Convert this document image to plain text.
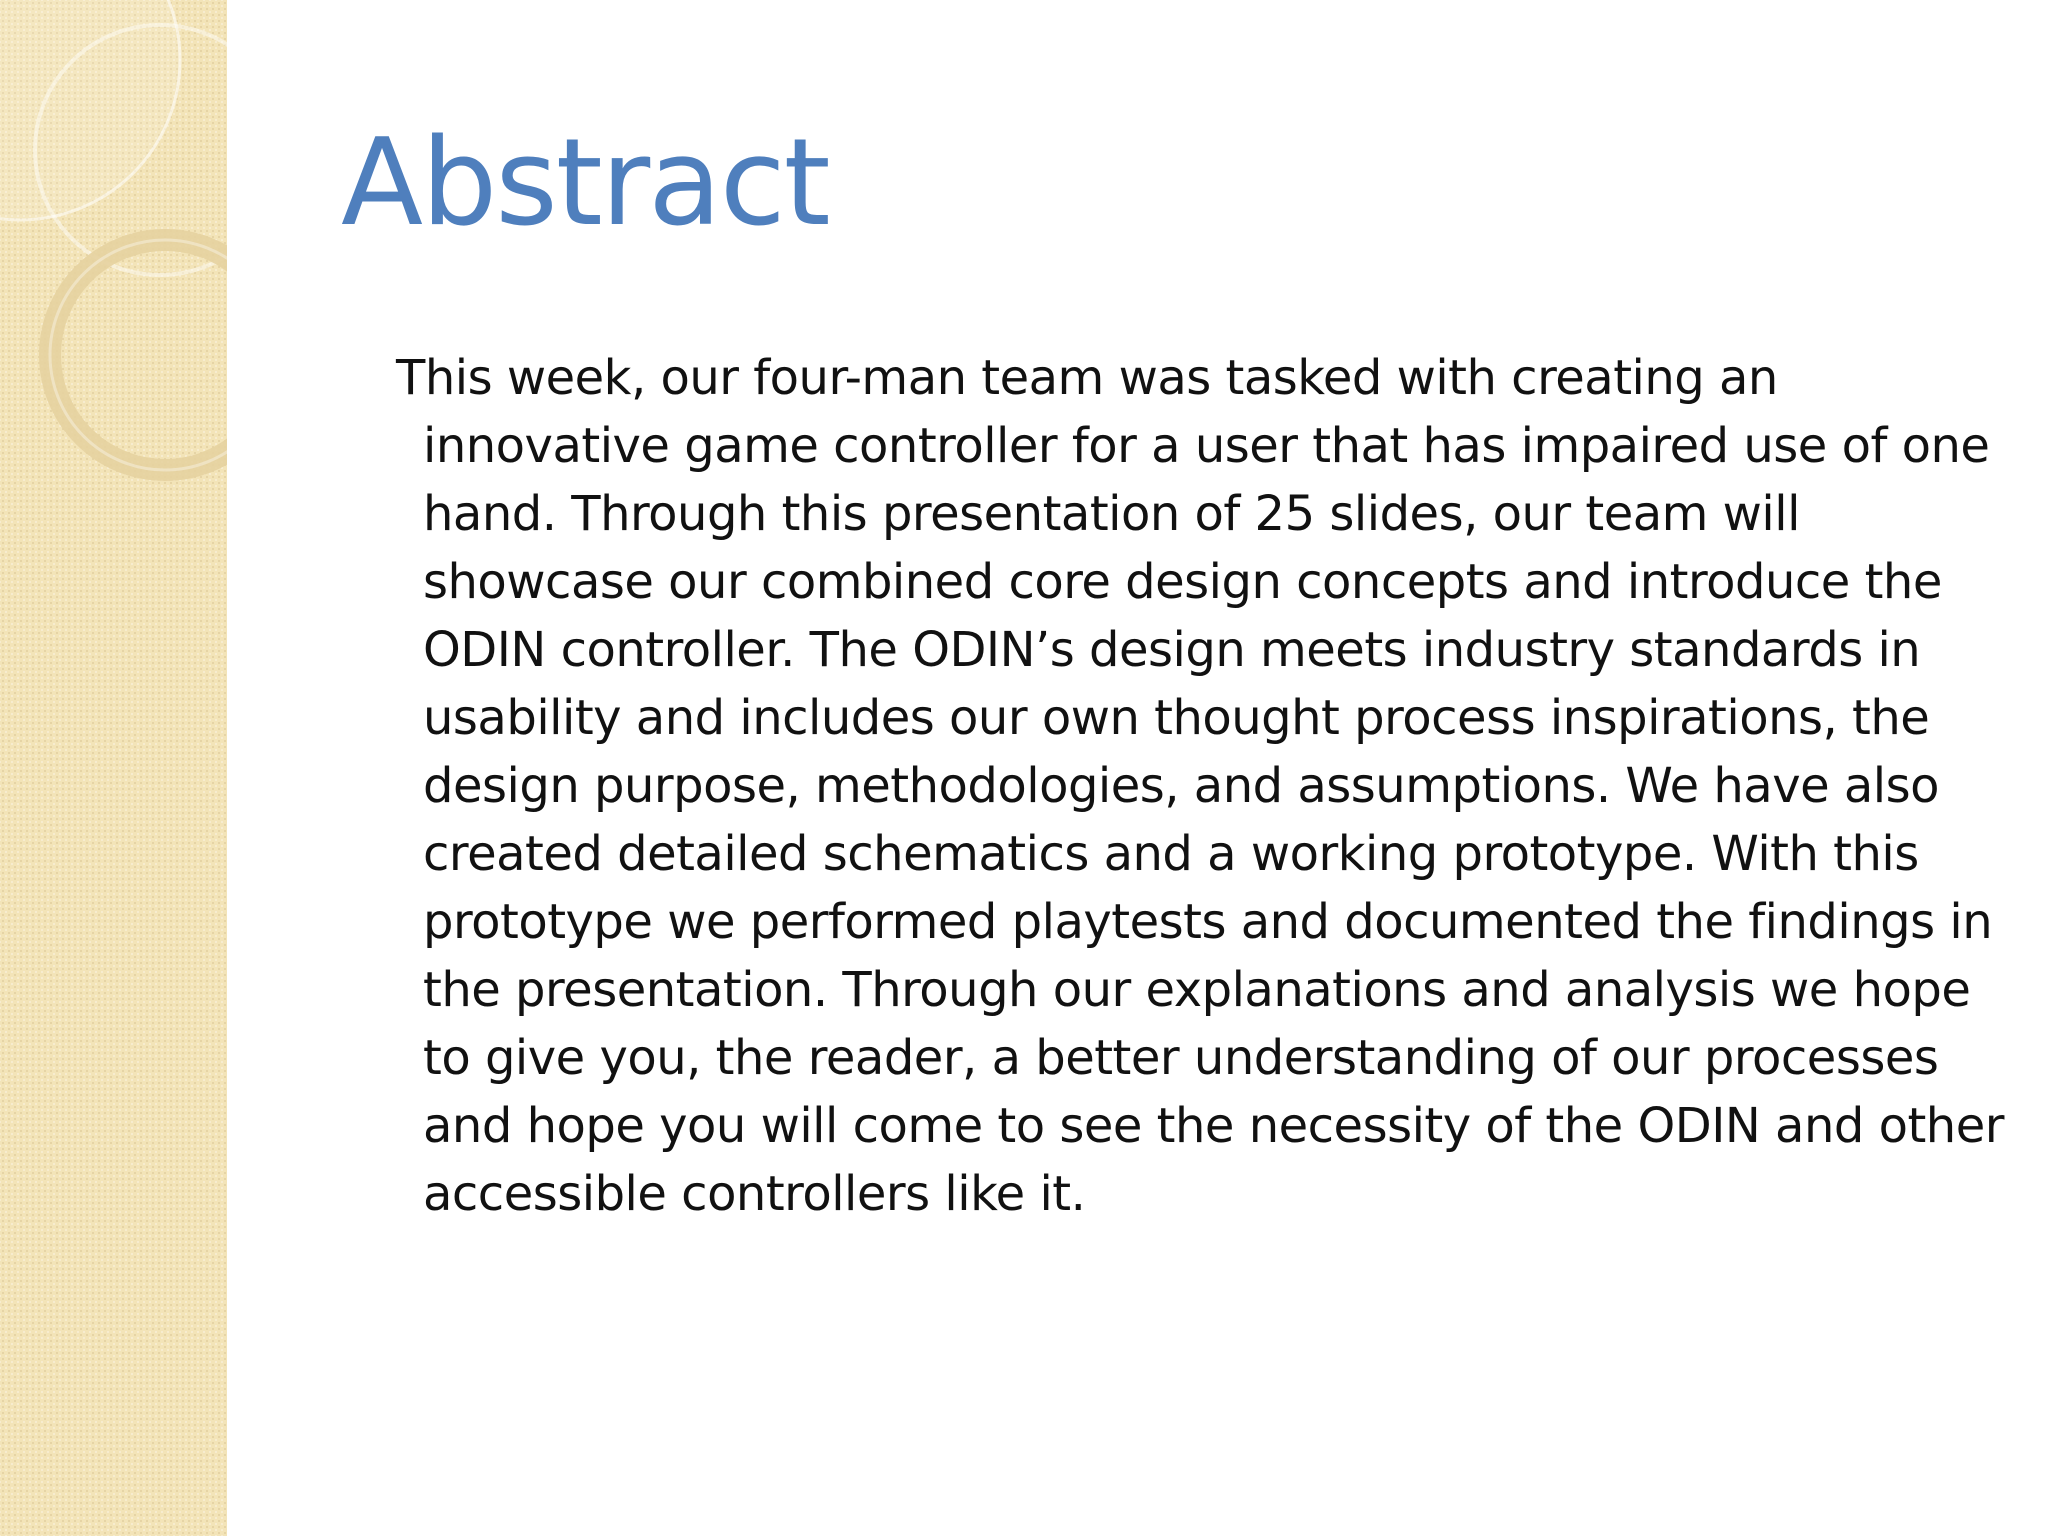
Abstract

This week, our four-man team was tasked with creating an innovative game controller for a user that has impaired use of one hand. Through this presentation of 25 slides, our team will showcase our combined core design concepts and introduce the ODIN controller. The ODIN’s design meets industry standards in usability and includes our own thought process inspirations, the design purpose, methodologies, and assumptions. We have also created detailed schematics and a working prototype. With this prototype we performed playtests and documented the findings in the presentation. Through our explanations and analysis we hope to give you, the reader, a better understanding of our processes and hope you will come to see the necessity of the ODIN and other accessible controllers like it.
